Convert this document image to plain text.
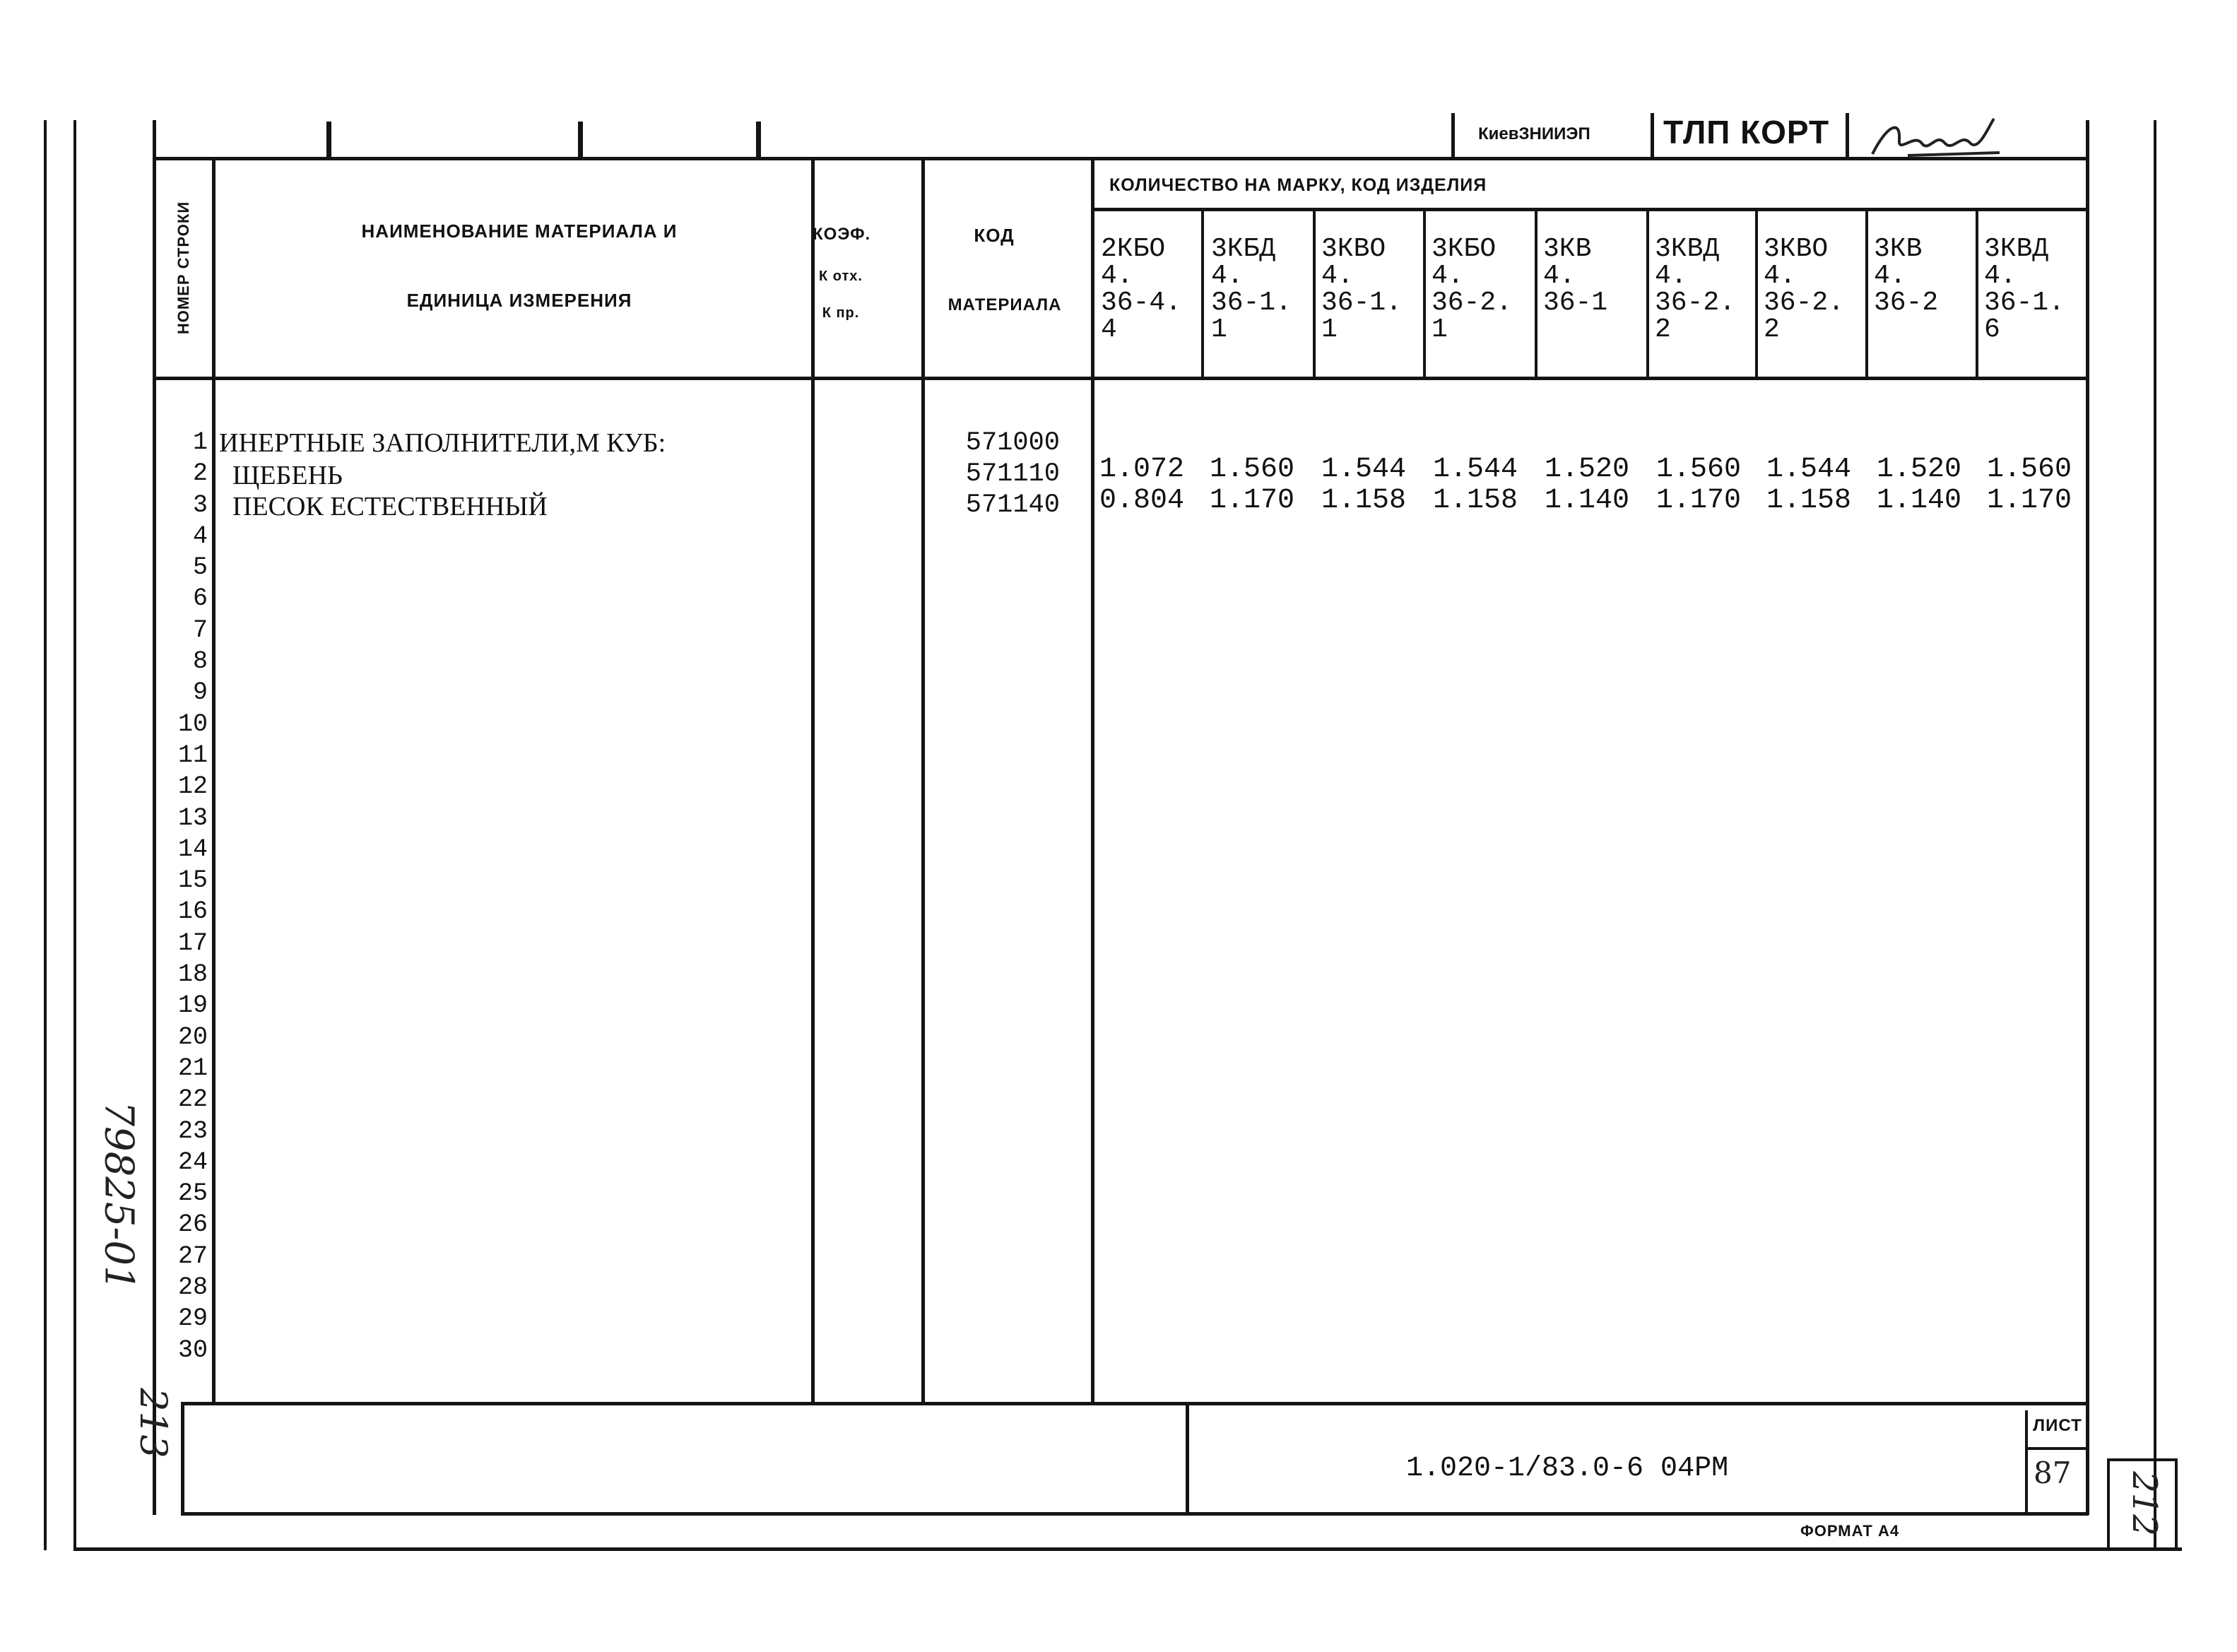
КиевЗНИИЭП ТЛП КОРТ
НОМЕР СТРОКИ	НАИМЕНОВАНИЕ МАТЕРИАЛА И
ЕДИНИЦА ИЗМЕРЕНИЯ
КОЭФ.
К отх.
К пр.
КОД
МАТЕРИАЛА
КОЛИЧЕСТВО НА МАРКУ, КОД ИЗДЕЛИЯ
2КБО
4.
36-4.
4
3КБД
4.
36-1.
1
3КВО
4.
36-1.
1
3КБО
4.
36-2.
1
3КВ
4.
36-1
3КВД
4.
36-2.
2
3КВО
4.
36-2.
2
3КВ
4.
36-2
3КВД
4.
36-1.
6
1
2
3
4
5
6
7
8
9
10
11
12
13
14
15
16
17
18
19
20
21
22
23
24
25
26
27
28
29
30
ИНЕРТНЫЕ ЗАПОЛНИТЕЛИ,М КУБ:
ЩЕБЕНЬ
ПЕСОК ЕСТЕСТВЕННЫЙ
571000
571110
571140
1.072 1.560 1.544 1.544 1.520 1.560 1.544 1.520 1.560
0.804 1.170 1.158 1.158 1.140 1.170 1.158 1.140 1.170
1.020-1/83.0-6 04РМ
ЛИСТ
87
ФОРМАТ А4	212
79825-01
213
